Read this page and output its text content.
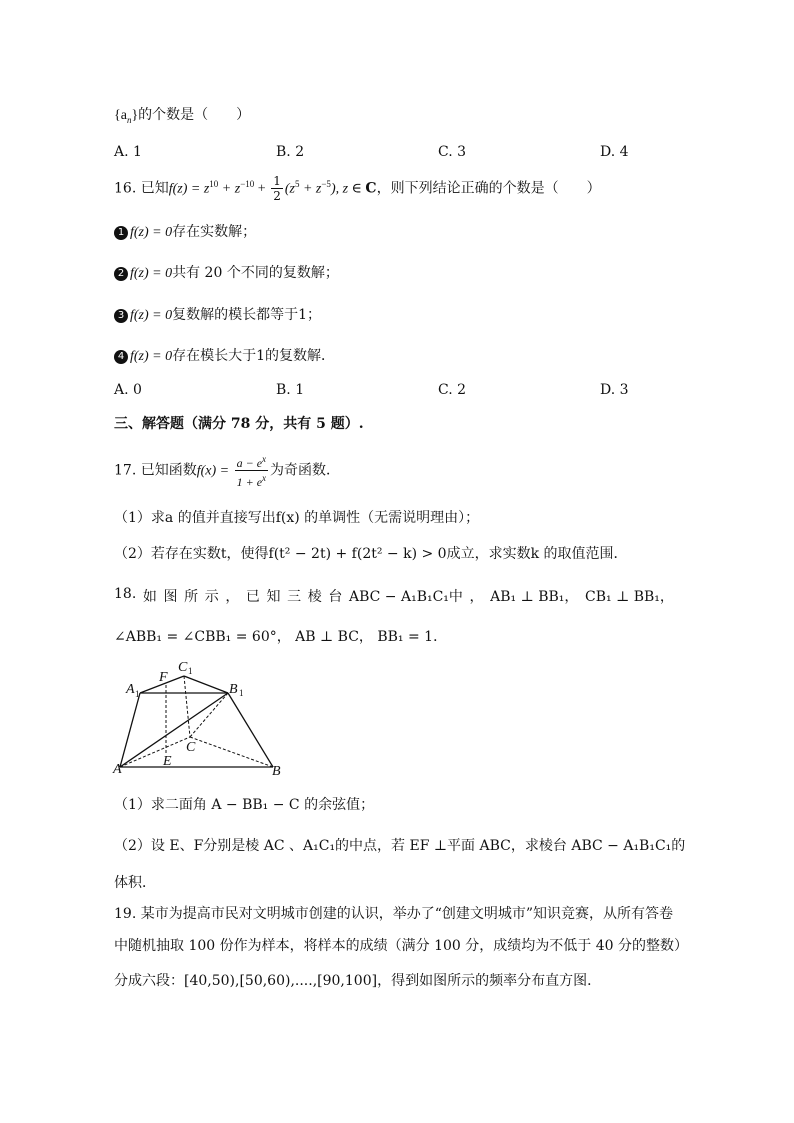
$\{a_n\}$的个数是（　　）
A. 1	B. 2	C. 3	D. 4
16. 已知$f(z) = z^{10} + z^{-10} + \frac{1}{2} (z^5 + z^{-5})$, z ∈ C，则下列结论正确的个数是（　　）
1 f(z) = 0存在实数解；
2 f(z) = 0共有 20 个不同的复数解；
3 f(z) = 0复数解的模长都等于1；
4 f(z) = 0存在模长大于1的复数解．
A. 0	B. 1	C. 2	D. 3
三、解答题（满分 78 分，共有 5 题）.
17. 已知函数$f(x) = \frac{a - e^x}{1 + e^x}$ 为奇函数．
（1）求a 的值并直接写出f(x) 的单调性（无需说明理由）；
（2）若存在实数t，使得f(t² − 2t) + f(2t² − k) > 0成立，求实数k 的取值范围．
18. 如 图 所 示 ， 已 知 三 棱 台 ABC − A₁B₁C₁中 ， AB₁ ⊥ BB₁， CB₁ ⊥ BB₁，
∠ABB₁ = ∠CBB₁ = 60°， AB ⊥ BC， BB₁ = 1．
A 1
F
C 1
B 1
C
E
A	B
（1）求二面角 A − BB₁ − C 的余弦值；
（2）设 E、F分别是棱 AC 、A₁C₁的中点，若 EF ⊥平面 ABC，求棱台 ABC − A₁B₁C₁的
体积．
19. 某市为提高市民对文明城市创建的认识，举办了“创建文明城市”知识竞赛，从所有答卷
中随机抽取 100 份作为样本，将样本的成绩（满分 100 分，成绩均为不低于 40 分的整数）
分成六段：[40,50),[50,60),....,[90,100]，得到如图所示的频率分布直方图．
